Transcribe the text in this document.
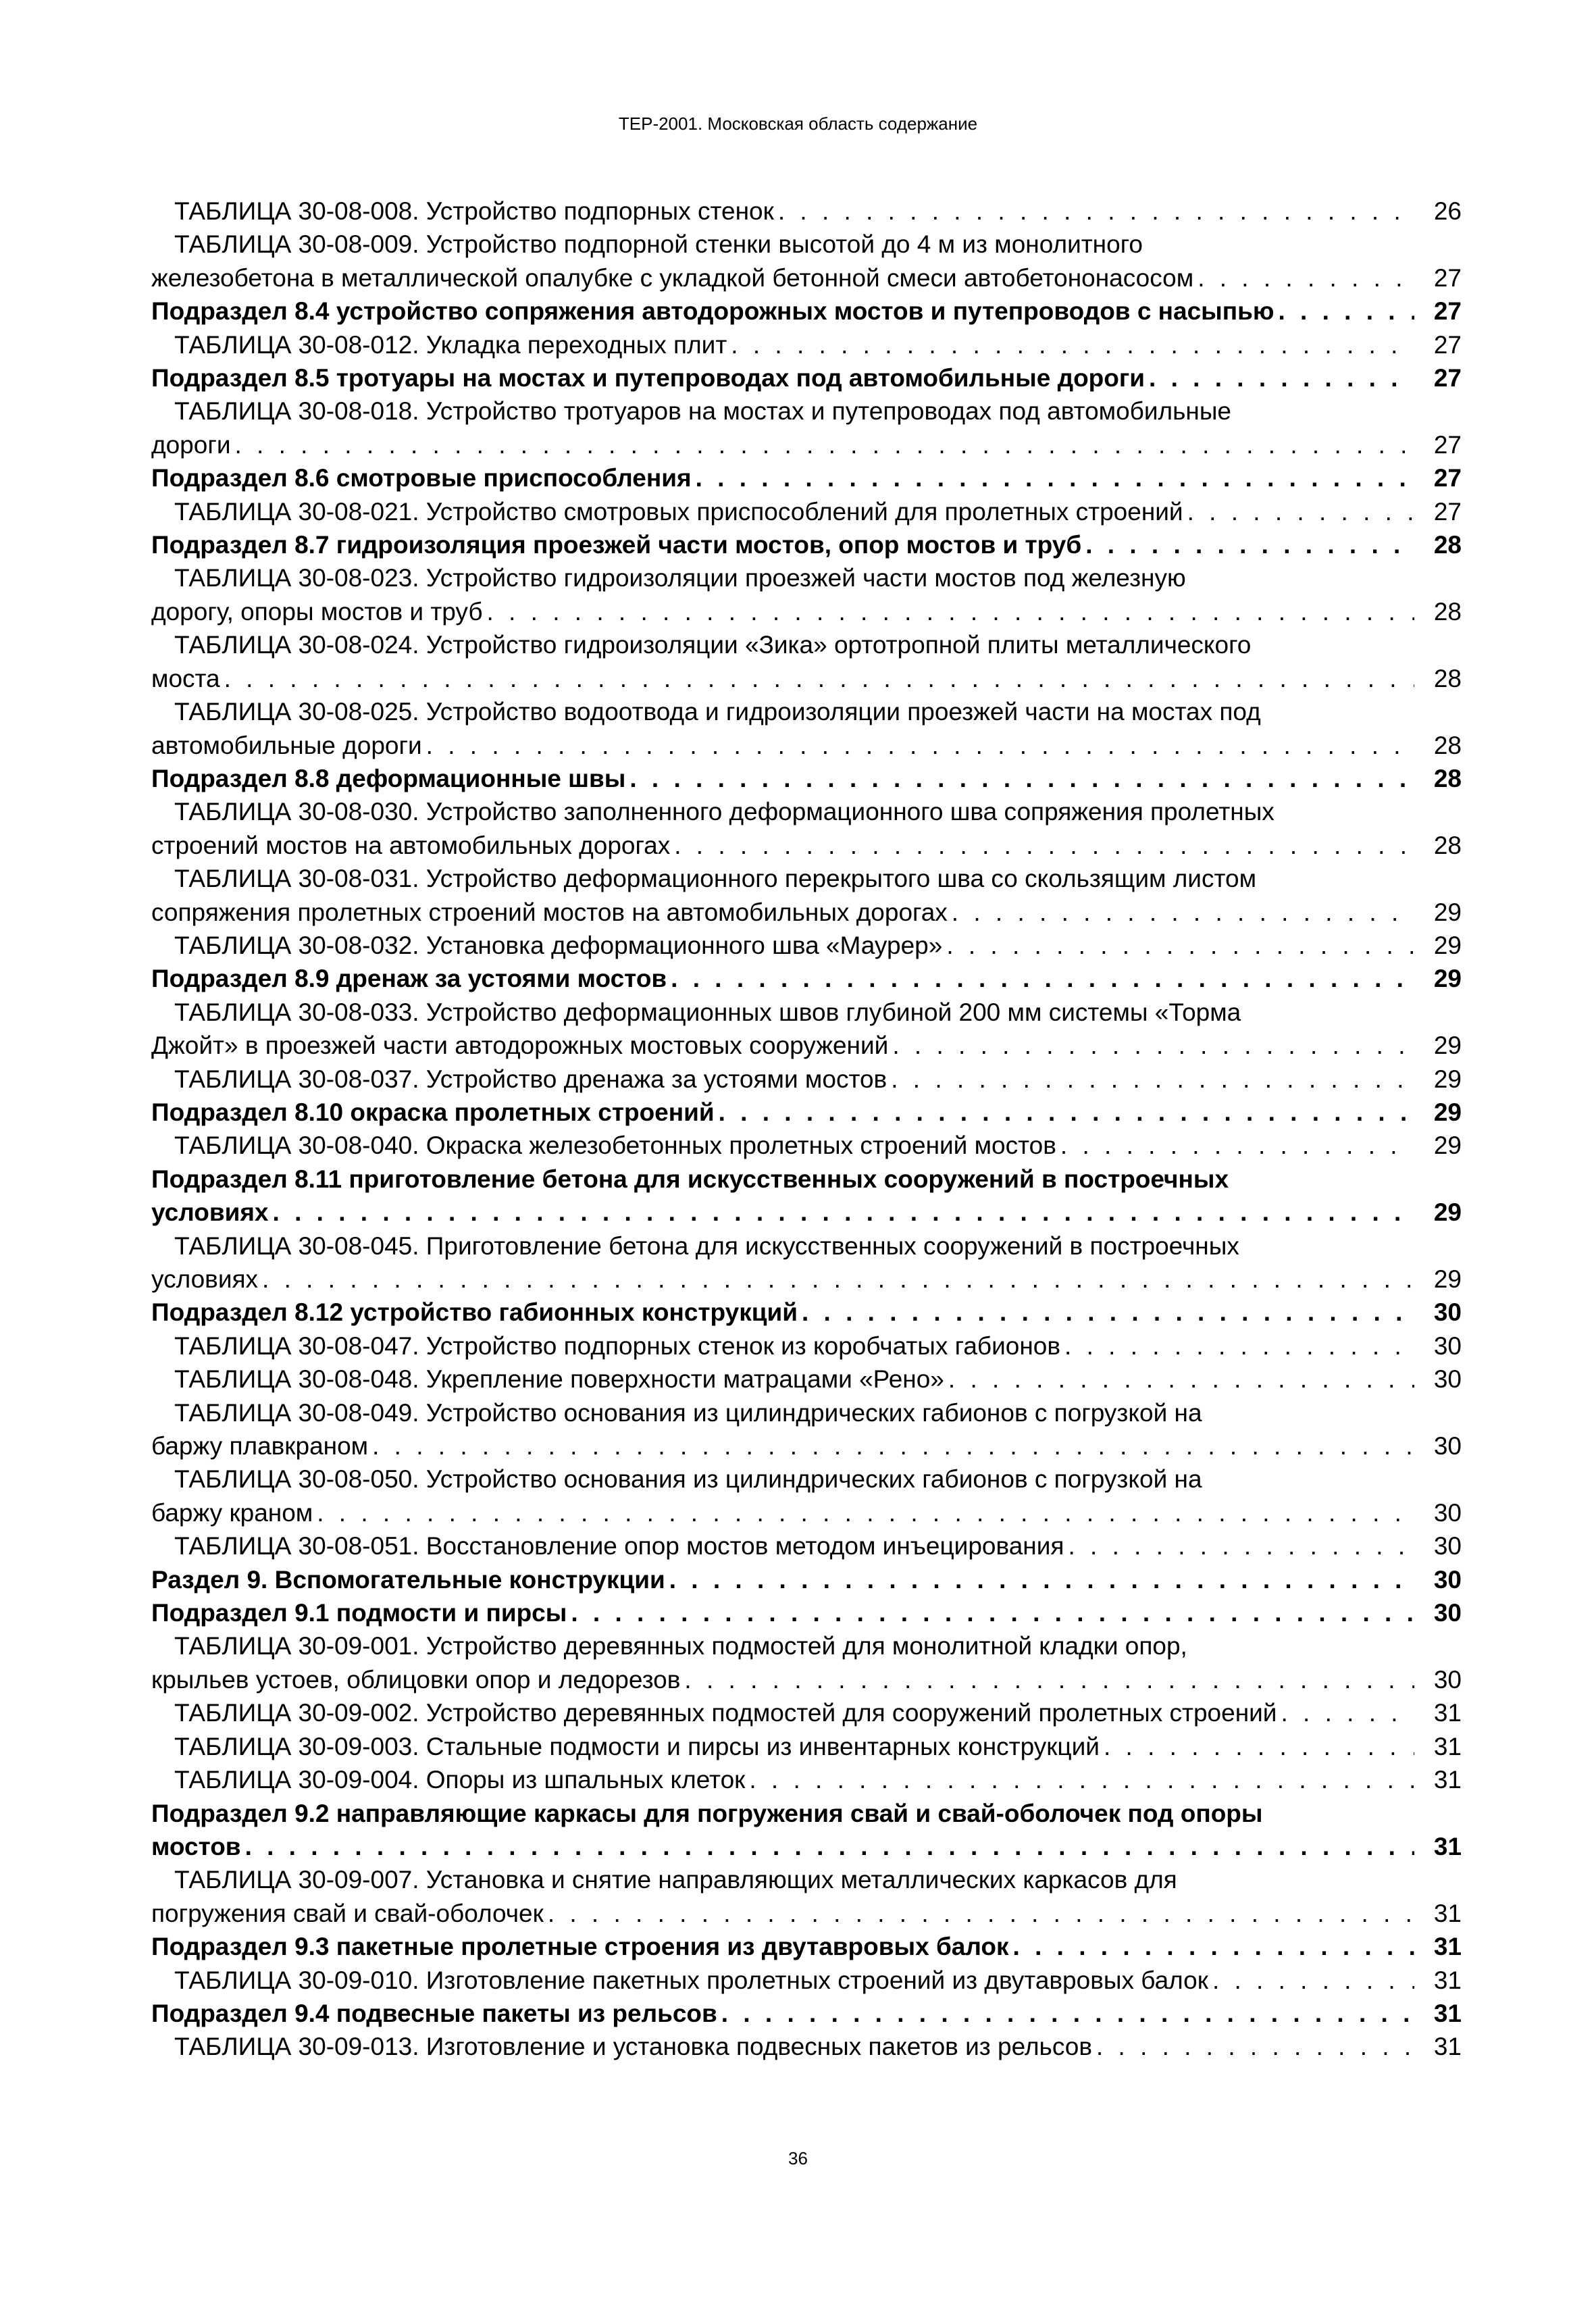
ТЕР-2001. Московская область содержание
ТАБЛИЦА 30-08-008. Устройство подпорных стенок . . .	26
ТАБЛИЦА 30-08-009. Устройство подпорной стенки высотой до 4 м из монолитного
железобетона в металлической опалубке с укладкой бетонной смеси автобетононасосом . . .	27
Подраздел 8.4 устройство сопряжения автодорожных мостов и путепроводов с насыпью . . .	27
ТАБЛИЦА 30-08-012. Укладка переходных плит . . .	27
Подраздел 8.5 тротуары на мостах и путепроводах под автомобильные дороги . . .	27
ТАБЛИЦА 30-08-018. Устройство тротуаров на мостах и путепроводах под автомобильные
дороги . . .	27
Подраздел 8.6 смотровые приспособления . . .	27
ТАБЛИЦА 30-08-021. Устройство смотровых приспособлений для пролетных строений . . .	27
Подраздел 8.7 гидроизоляция проезжей части мостов, опор мостов и труб . . .	28
ТАБЛИЦА 30-08-023. Устройство гидроизоляции проезжей части мостов под железную
дорогу, опоры мостов и труб . . .	28
ТАБЛИЦА 30-08-024. Устройство гидроизоляции «Зика» ортотропной плиты металлического
моста . . .	28
ТАБЛИЦА 30-08-025. Устройство водоотвода и гидроизоляции проезжей части на мостах под
автомобильные дороги . . .	28
Подраздел 8.8 деформационные швы . . .	28
ТАБЛИЦА 30-08-030. Устройство заполненного деформационного шва сопряжения пролетных
строений мостов на автомобильных дорогах . . .	28
ТАБЛИЦА 30-08-031. Устройство деформационного перекрытого шва со скользящим листом
сопряжения пролетных строений мостов на автомобильных дорогах . . .	29
ТАБЛИЦА 30-08-032. Установка деформационного шва «Маурер» . . .	29
Подраздел 8.9 дренаж за устоями мостов . . .	29
ТАБЛИЦА 30-08-033. Устройство деформационных швов глубиной 200 мм системы «Торма
Джойт» в проезжей части автодорожных мостовых сооружений . . .	29
ТАБЛИЦА 30-08-037. Устройство дренажа за устоями мостов . . .	29
Подраздел 8.10 окраска пролетных строений . . .	29
ТАБЛИЦА 30-08-040. Окраска железобетонных пролетных строений мостов . . .	29
Подраздел 8.11 приготовление бетона для искусственных сооружений в построечных
условиях . . .	29
ТАБЛИЦА 30-08-045. Приготовление бетона для искусственных сооружений в построечных
условиях . . .	29
Подраздел 8.12 устройство габионных конструкций . . .	30
ТАБЛИЦА 30-08-047. Устройство подпорных стенок из коробчатых габионов . . .	30
ТАБЛИЦА 30-08-048. Укрепление поверхности матрацами «Рено» . . .	30
ТАБЛИЦА 30-08-049. Устройство основания из цилиндрических габионов с погрузкой на
баржу плавкраном . . .	30
ТАБЛИЦА 30-08-050. Устройство основания из цилиндрических габионов с погрузкой на
баржу краном . . .	30
ТАБЛИЦА 30-08-051. Восстановление опор мостов методом инъецирования . . .	30
Раздел 9. Вспомогательные конструкции . . .	30
Подраздел 9.1 подмости и пирсы . . .	30
ТАБЛИЦА 30-09-001. Устройство деревянных подмостей для монолитной кладки опор,
крыльев устоев, облицовки опор и ледорезов . . .	30
ТАБЛИЦА 30-09-002. Устройство деревянных подмостей для сооружений пролетных строений . . .	31
ТАБЛИЦА 30-09-003. Стальные подмости и пирсы из инвентарных конструкций . . .	31
ТАБЛИЦА 30-09-004. Опоры из шпальных клеток . . .	31
Подраздел 9.2 направляющие каркасы для погружения свай и свай-оболочек под опоры
мостов . . .	31
ТАБЛИЦА 30-09-007. Установка и снятие направляющих металлических каркасов для
погружения свай и свай-оболочек . . .	31
Подраздел 9.3 пакетные пролетные строения из двутавровых балок . . .	31
ТАБЛИЦА 30-09-010. Изготовление пакетных пролетных строений из двутавровых балок . . .	31
Подраздел 9.4 подвесные пакеты из рельсов . . .	31
ТАБЛИЦА 30-09-013. Изготовление и установка подвесных пакетов из рельсов . . .	31
36
